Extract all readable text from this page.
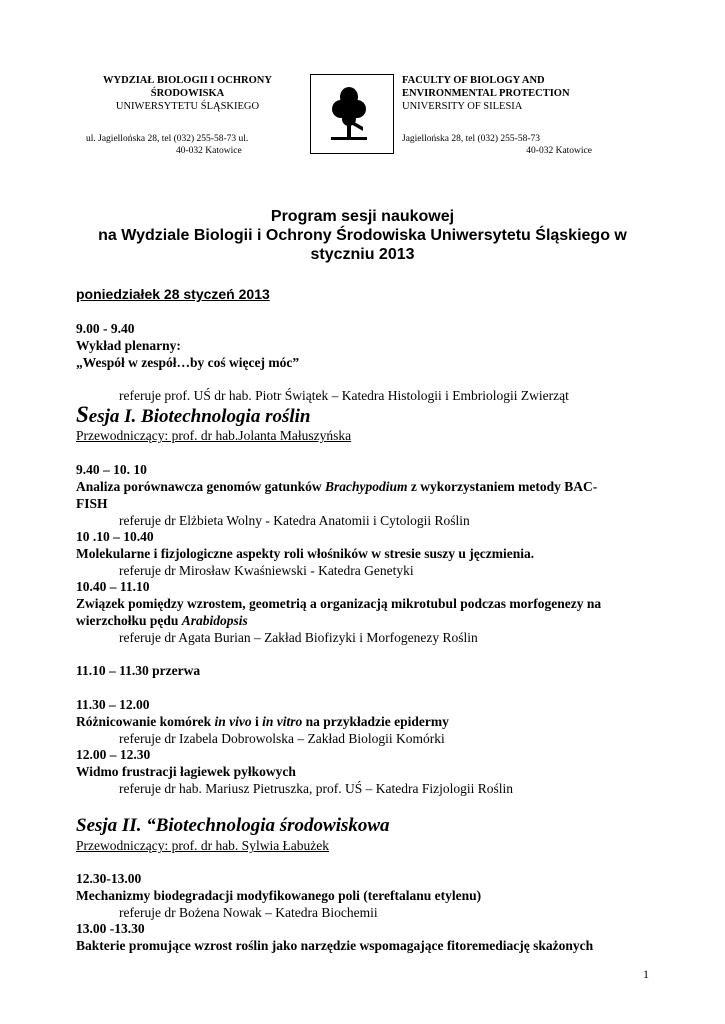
WYDZIAŁ BIOLOGII I OCHRONY
ŚRODOWISKA
UNIWERSYTETU ŚLĄSKIEGO
ul. Jagiellońska 28, tel (032) 255-58-73 ul.
40-032 Katowice
FACULTY OF BIOLOGY AND
ENVIRONMENTAL PROTECTION
UNIVERSITY OF SILESIA
Jagiellońska 28, tel (032) 255-58-73
40-032 Katowice
Program sesji naukowej
na Wydziale Biologii i Ochrony Środowiska Uniwersytetu Śląskiego w
styczniu 2013
poniedziałek 28 styczeń 2013
9.00 - 9.40
Wykład plenarny:
„Wespół w zespół…by coś więcej móc”
referuje prof. UŚ dr hab. Piotr Świątek – Katedra Histologii i Embriologii Zwierząt
Sesja I. Biotechnologia roślin
Przewodniczący: prof. dr hab.Jolanta Małuszyńska
9.40 – 10. 10
Analiza porównawcza genomów gatunków Brachypodium z wykorzystaniem metody BAC-
FISH
referuje dr Elżbieta Wolny - Katedra Anatomii i Cytologii Roślin
10 .10 – 10.40
Molekularne i fizjologiczne aspekty roli włośników w stresie suszy u jęczmienia.
referuje dr Mirosław Kwaśniewski - Katedra Genetyki
10.40 – 11.10
Związek pomiędzy wzrostem, geometrią a organizacją mikrotubul podczas morfogenezy na
wierzchołku pędu Arabidopsis
referuje dr Agata Burian – Zakład Biofizyki i Morfogenezy Roślin
11.10 – 11.30 przerwa
11.30 – 12.00
Różnicowanie komórek in vivo i in vitro na przykładzie epidermy
referuje dr Izabela Dobrowolska – Zakład Biologii Komórki
12.00 – 12.30
Widmo frustracji łagiewek pyłkowych
referuje dr hab. Mariusz Pietruszka, prof. UŚ – Katedra Fizjologii Roślin
Sesja II. “Biotechnologia środowiskowa
Przewodniczący: prof. dr hab. Sylwia Łabużek
12.30-13.00
Mechanizmy biodegradacji modyfikowanego poli (tereftalanu etylenu)
referuje dr Bożena Nowak – Katedra Biochemii
13.00 -13.30
Bakterie promujące wzrost roślin jako narzędzie wspomagające fitoremediację skażonych
1
